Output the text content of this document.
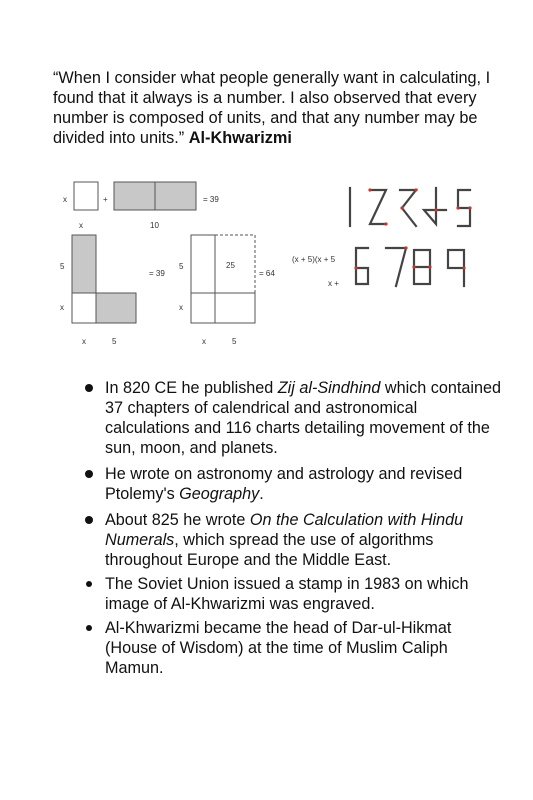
“When I consider what people generally want in calculating, I found that it always is a number. I also observed that every number is composed of units, and that any number may be divided into units.” Al-Khwarizmi

x
x
+
10
= 39
5
x
= 39
x	5
5	25
x
= 64
x	5
(x + 5)(x + 5
x +
In 820 CE he published Zij al-Sindhind which contained 37 chapters of calendrical and astronomical calculations and 116 charts detailing movement of the sun, moon, and planets.
He wrote on astronomy and astrology and revised Ptolemy's Geography.
About 825 he wrote On the Calculation with Hindu Numerals, which spread the use of algorithms throughout Europe and the Middle East.
The Soviet Union issued a stamp in 1983 on which image of Al-Khwarizmi was engraved.
Al-Khwarizmi became the head of Dar-ul-Hikmat (House of Wisdom) at the time of Muslim Caliph Mamun.
